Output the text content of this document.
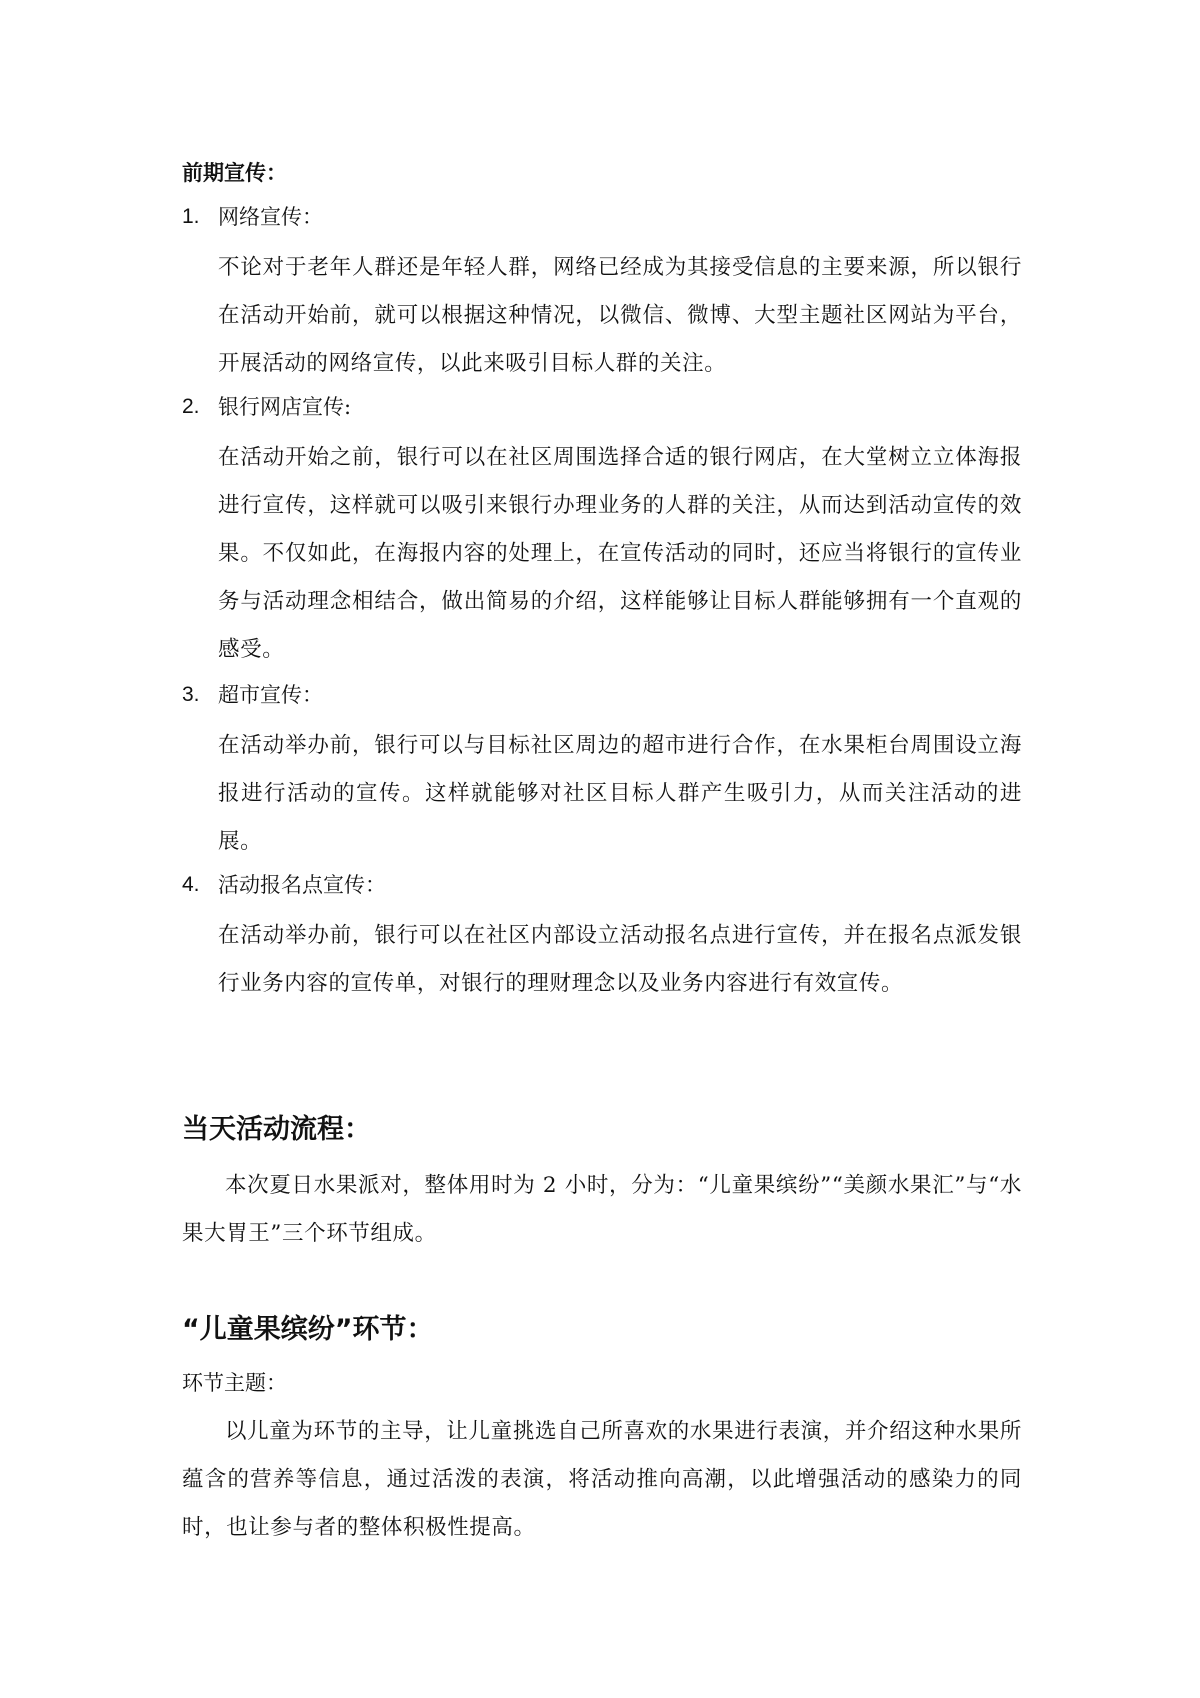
前期宣传：
1. 网络宣传：
不论对于老年人群还是年轻人群，网络已经成为其接受信息的主要来源，所以银行在活动开始前，就可以根据这种情况，以微信、微博、大型主题社区网站为平台，开展活动的网络宣传，以此来吸引目标人群的关注。
2. 银行网店宣传:
在活动开始之前，银行可以在社区周围选择合适的银行网店，在大堂树立立体海报进行宣传，这样就可以吸引来银行办理业务的人群的关注，从而达到活动宣传的效果。不仅如此，在海报内容的处理上，在宣传活动的同时，还应当将银行的宣传业务与活动理念相结合，做出简易的介绍，这样能够让目标人群能够拥有一个直观的感受。
3. 超市宣传：
在活动举办前，银行可以与目标社区周边的超市进行合作，在水果柜台周围设立海报进行活动的宣传。这样就能够对社区目标人群产生吸引力，从而关注活动的进展。
4. 活动报名点宣传：
在活动举办前，银行可以在社区内部设立活动报名点进行宣传，并在报名点派发银行业务内容的宣传单，对银行的理财理念以及业务内容进行有效宣传。
当天活动流程：
本次夏日水果派对，整体用时为 2 小时，分为：“儿童果缤纷”“美颜水果汇”与“水果大胃王”三个环节组成。
“儿童果缤纷”环节：
环节主题：
以儿童为环节的主导，让儿童挑选自己所喜欢的水果进行表演，并介绍这种水果所蕴含的营养等信息，通过活泼的表演，将活动推向高潮，以此增强活动的感染力的同时，也让参与者的整体积极性提高。
